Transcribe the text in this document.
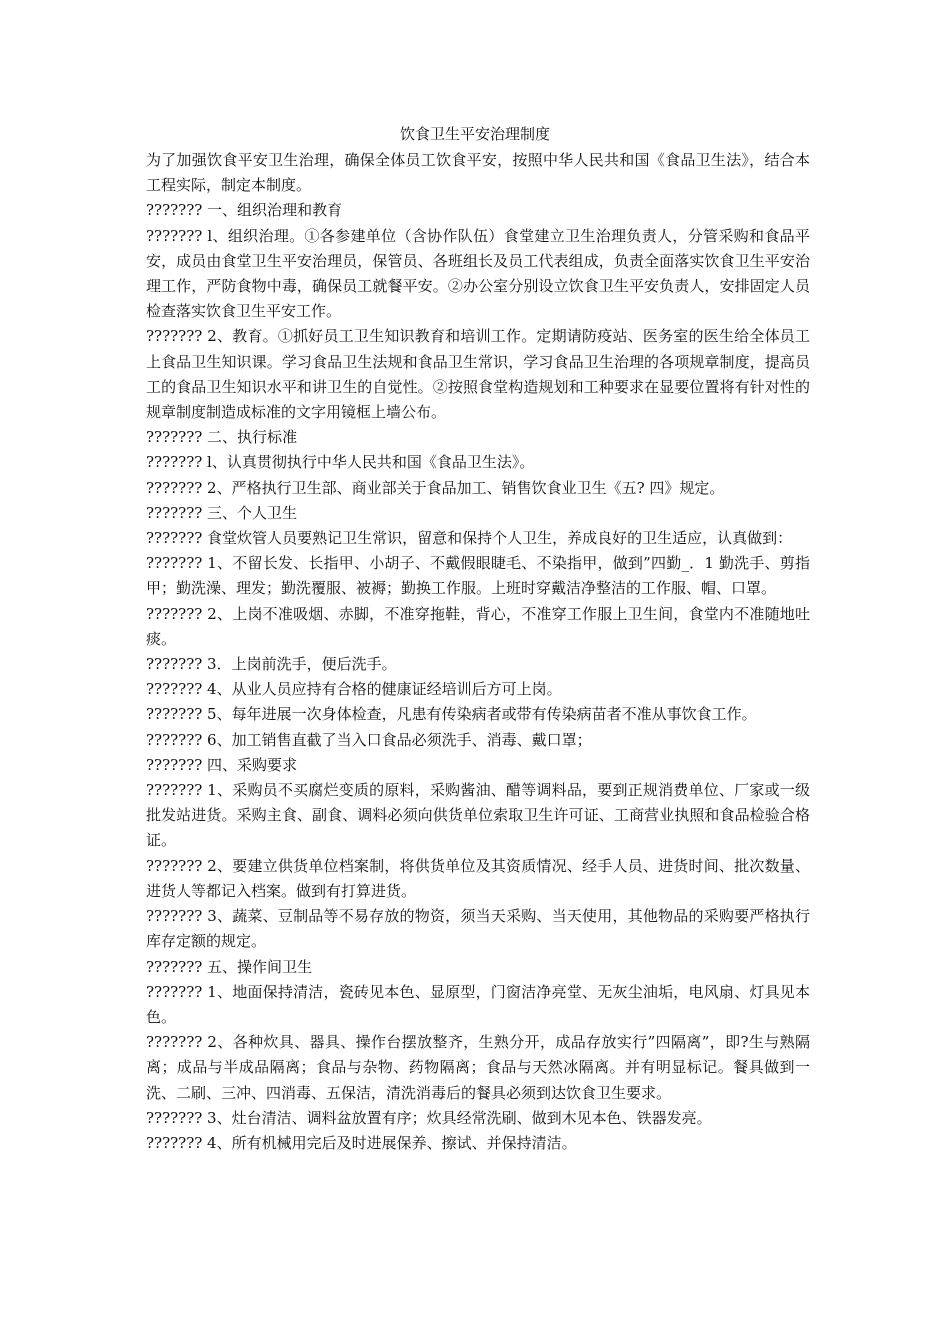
饮食卫生平安治理制度

为了加强饮食平安卫生治理，确保全体员工饮食平安，按照中华人民共和国《食品卫生法》，结合本工程实际，制定本制度。

??????? 一、组织治理和教育

??????? l、组织治理。①各参建单位（含协作队伍）食堂建立卫生治理负责人，分管采购和食品平安，成员由食堂卫生平安治理员，保管员、各班组长及员工代表组成，负责全面落实饮食卫生平安治理工作，严防食物中毒，确保员工就餐平安。②办公室分别设立饮食卫生平安负责人，安排固定人员检查落实饮食卫生平安工作。

??????? 2、教育。①抓好员工卫生知识教育和培训工作。定期请防疫站、医务室的医生给全体员工上食品卫生知识课。学习食品卫生法规和食品卫生常识，学习食品卫生治理的各项规章制度，提高员工的食品卫生知识水平和讲卫生的自觉性。②按照食堂构造规划和工种要求在显要位置将有针对性的规章制度制造成标准的文字用镜框上墙公布。

??????? 二、执行标准

??????? l、认真贯彻执行中华人民共和国《食品卫生法》。

??????? 2、严格执行卫生部、商业部关于食品加工、销售饮食业卫生《五? 四》规定。

??????? 三、个人卫生

??????? 食堂炊管人员要熟记卫生常识，留意和保持个人卫生，养成良好的卫生适应，认真做到：

??????? 1、不留长发、长指甲、小胡子、不戴假眼睫毛、不染指甲，做到”四勤_．1 勤洗手、剪指甲；勤洗澡、理发；勤洗覆服、被褥；勤换工作服。上班时穿戴洁净整洁的工作服、帽、口罩。

??????? 2、上岗不准吸烟、赤脚，不准穿拖鞋，背心，不准穿工作服上卫生间，食堂内不准随地吐痰。

??????? 3．上岗前洗手，便后洗手。

??????? 4、从业人员应持有合格的健康证经培训后方可上岗。

??????? 5、每年进展一次身体检查，凡患有传染病者或带有传染病苗者不准从事饮食工作。

??????? 6、加工销售直截了当入口食品必须洗手、消毒、戴口罩；

??????? 四、采购要求

??????? 1、采购员不买腐烂变质的原料，采购酱油、醋等调料品，要到正规消费单位、厂家或一级批发站进货。采购主食、副食、调料必须向供货单位索取卫生许可证、工商营业执照和食品检验合格证。

??????? 2、要建立供货单位档案制，将供货单位及其资质情况、经手人员、进货时间、批次数量、进货人等都记入档案。做到有打算进货。

??????? 3、蔬菜、豆制品等不易存放的物资，须当天采购、当天使用，其他物品的采购要严格执行库存定额的规定。

??????? 五、操作间卫生

??????? 1、地面保持清洁，瓷砖见本色、显原型，门窗洁净亮堂、无灰尘油垢，电风扇、灯具见本色。

??????? 2、各种炊具、器具、操作台摆放整齐，生熟分开，成品存放实行”四隔离”，即?生与熟隔离；成品与半成品隔离；食品与杂物、药物隔离；食品与天然冰隔离。并有明显标记。餐具做到一洗、二刷、三冲、四消毒、五保洁，清洗消毒后的餐具必须到达饮食卫生要求。

??????? 3、灶台清洁、调料盆放置有序；炊具经常洗刷、做到木见本色、铁器发亮。

??????? 4、所有机械用完后及时进展保养、擦试、并保持清洁。
